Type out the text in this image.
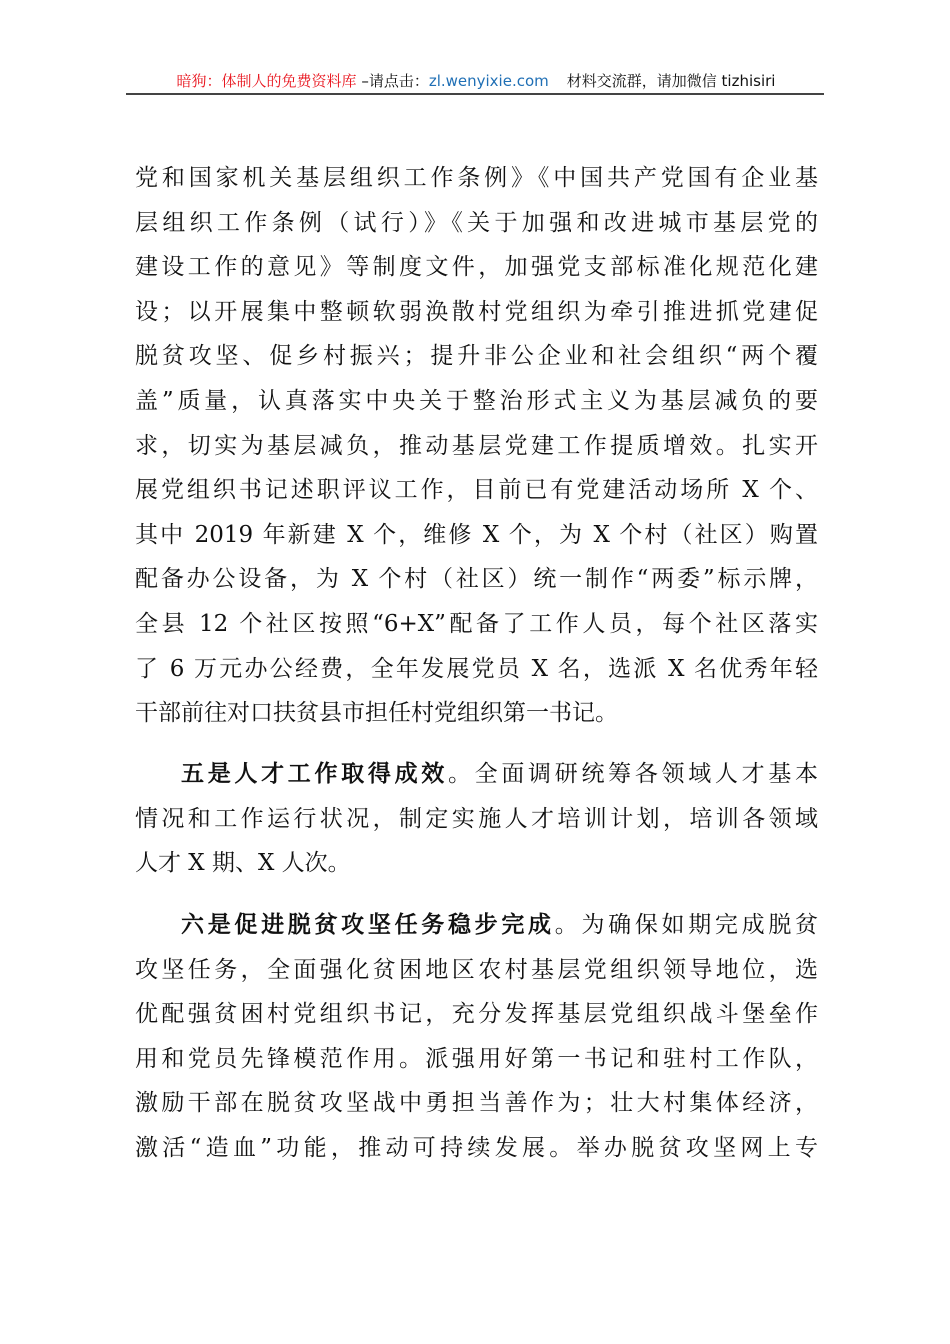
暗狗：体制人的免费资料库 –请点击：zl.wenyixie.com 材料交流群，请加微信 tizhisiri
党和国家机关基层组织工作条例》《中国共产党国有企业基
层组织工作条例（试行）》《关于加强和改进城市基层党的
建设工作的意见》等制度文件，加强党支部标准化规范化建
设；以开展集中整顿软弱涣散村党组织为牵引推进抓党建促
脱贫攻坚、促乡村振兴；提升非公企业和社会组织“两个覆
盖”质量，认真落实中央关于整治形式主义为基层减负的要
求，切实为基层减负，推动基层党建工作提质增效。扎实开
展党组织书记述职评议工作，目前已有党建活动场所 X 个、
其中 2019 年新建 X 个，维修 X 个，为 X 个村（社区）购置
配备办公设备，为 X 个村（社区）统一制作“两委”标示牌，
全县 12 个社区按照“6+X”配备了工作人员，每个社区落实
了 6 万元办公经费，全年发展党员 X 名，选派 X 名优秀年轻
干部前往对口扶贫县市担任村党组织第一书记。
五是人才工作取得成效。全面调研统筹各领域人才基本
情况和工作运行状况，制定实施人才培训计划，培训各领域
人才 X 期、X 人次。
六是促进脱贫攻坚任务稳步完成。为确保如期完成脱贫
攻坚任务，全面强化贫困地区农村基层党组织领导地位，选
优配强贫困村党组织书记，充分发挥基层党组织战斗堡垒作
用和党员先锋模范作用。派强用好第一书记和驻村工作队，
激励干部在脱贫攻坚战中勇担当善作为；壮大村集体经济，
激活“造血”功能，推动可持续发展。举办脱贫攻坚网上专
